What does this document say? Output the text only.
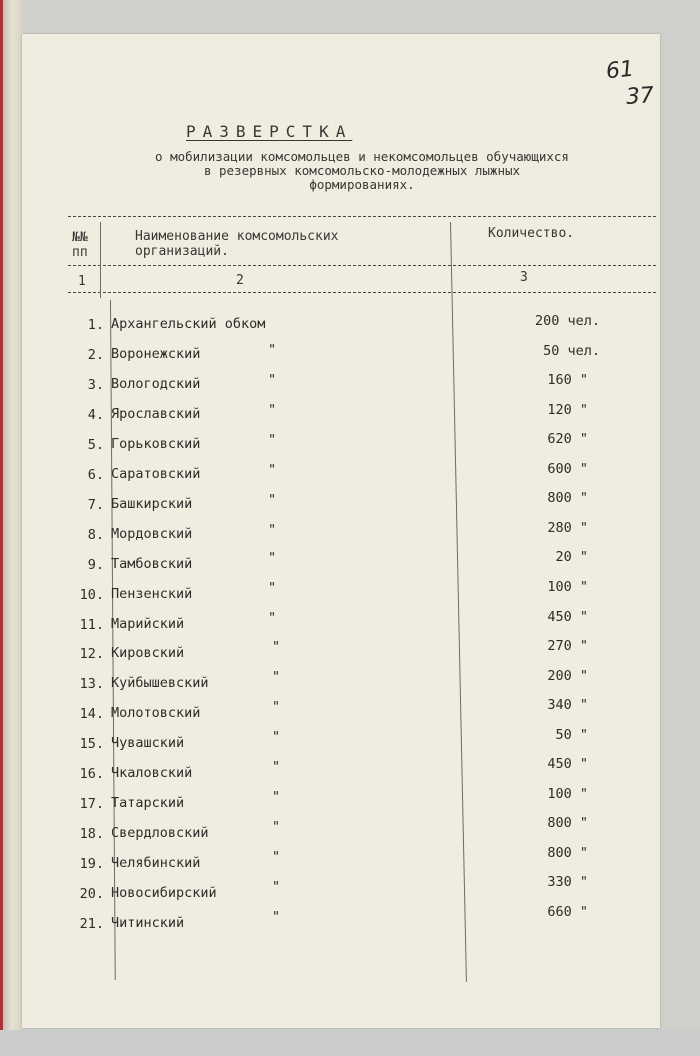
61
37
РАЗВЕРСТКА
о мобилизации комсомольцев и некомсомольцев обучающихся
в резервных комсомольско-молодежных лыжных
формированиях.
№№
пп
Наименование комсомольских
организаций.
Количество.
1	2	3
1. Архангельский обком	200 чел.
2. Воронежский	"	50 чел.
3. Вологодский	"	160 "
4. Ярославский	"	120 "
5. Горьковский	"	620 "
6. Саратовский	"	600 "
7. Башкирский	"	800 "
8. Мордовский	"	280 "
9. Тамбовский	"	20 "
10. Пензенский	"	100 "
11. Марийский	"	450 "
12. Кировский	"	270 "
13. Куйбышевский	"	200 "
14. Молотовский	"	340 "
15. Чувашский	"	50 "
16. Чкаловский	"	450 "
17. Татарский	"	100 "
18. Свердловский	"	800 "
19. Челябинский	"	800 "
20. Новосибирский	"	330 "
21. Читинский	"	660 "
